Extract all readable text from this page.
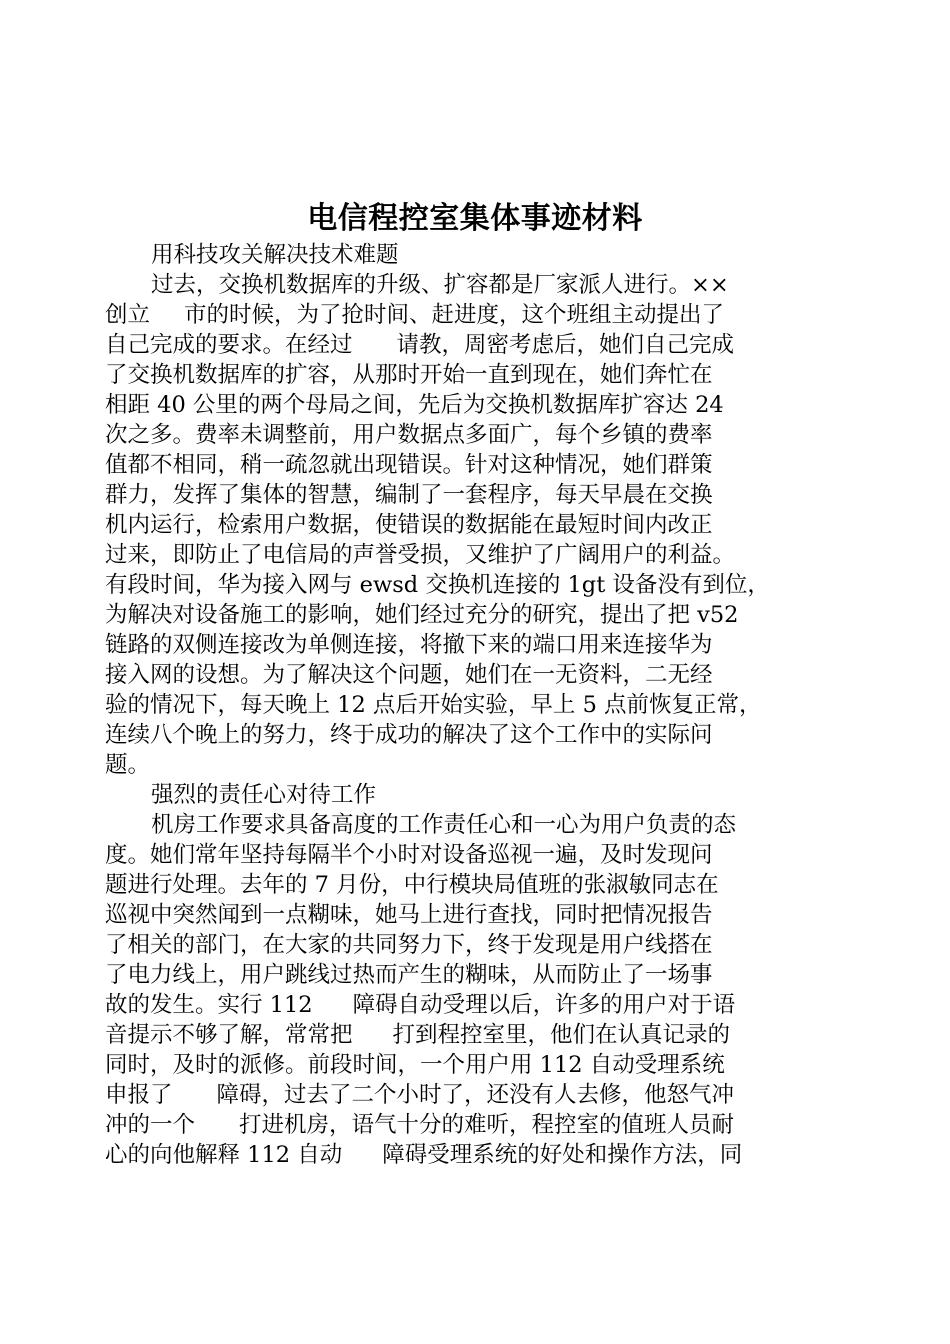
电信程控室集体事迹材料
用科技攻关解决技术难题
过去，交换机数据库的升级、扩容都是厂家派人进行。××
创立 市的时候，为了抢时间、赶进度，这个班组主动提出了
自己完成的要求。在经过 请教，周密考虑后，她们自己完成
了交换机数据库的扩容，从那时开始一直到现在，她们奔忙在
相距 40 公里的两个母局之间，先后为交换机数据库扩容达 24
次之多。费率未调整前，用户数据点多面广，每个乡镇的费率
值都不相同，稍一疏忽就出现错误。针对这种情况，她们群策
群力，发挥了集体的智慧，编制了一套程序，每天早晨在交换
机内运行，检索用户数据，使错误的数据能在最短时间内改正
过来，即防止了电信局的声誉受损，又维护了广阔用户的利益。
有段时间，华为接入网与 ewsd 交换机连接的 1gt 设备没有到位，
为解决对设备施工的影响，她们经过充分的研究，提出了把 v52
链路的双侧连接改为单侧连接，将撤下来的端口用来连接华为
接入网的设想。为了解决这个问题，她们在一无资料，二无经
验的情况下，每天晚上 12 点后开始实验，早上 5 点前恢复正常，
连续八个晚上的努力，终于成功的解决了这个工作中的实际问
题。
强烈的责任心对待工作
机房工作要求具备高度的工作责任心和一心为用户负责的态
度。她们常年坚持每隔半个小时对设备巡视一遍，及时发现问
题进行处理。去年的 7 月份，中行模块局值班的张淑敏同志在
巡视中突然闻到一点糊味，她马上进行查找，同时把情况报告
了相关的部门，在大家的共同努力下，终于发现是用户线搭在
了电力线上，用户跳线过热而产生的糊味，从而防止了一场事
故的发生。实行 112 障碍自动受理以后，许多的用户对于语
音提示不够了解，常常把 打到程控室里，他们在认真记录的
同时，及时的派修。前段时间，一个用户用 112 自动受理系统
申报了 障碍，过去了二个小时了，还没有人去修，他怒气冲
冲的一个 打进机房，语气十分的难听，程控室的值班人员耐
心的向他解释 112 自动 障碍受理系统的好处和操作方法，同
